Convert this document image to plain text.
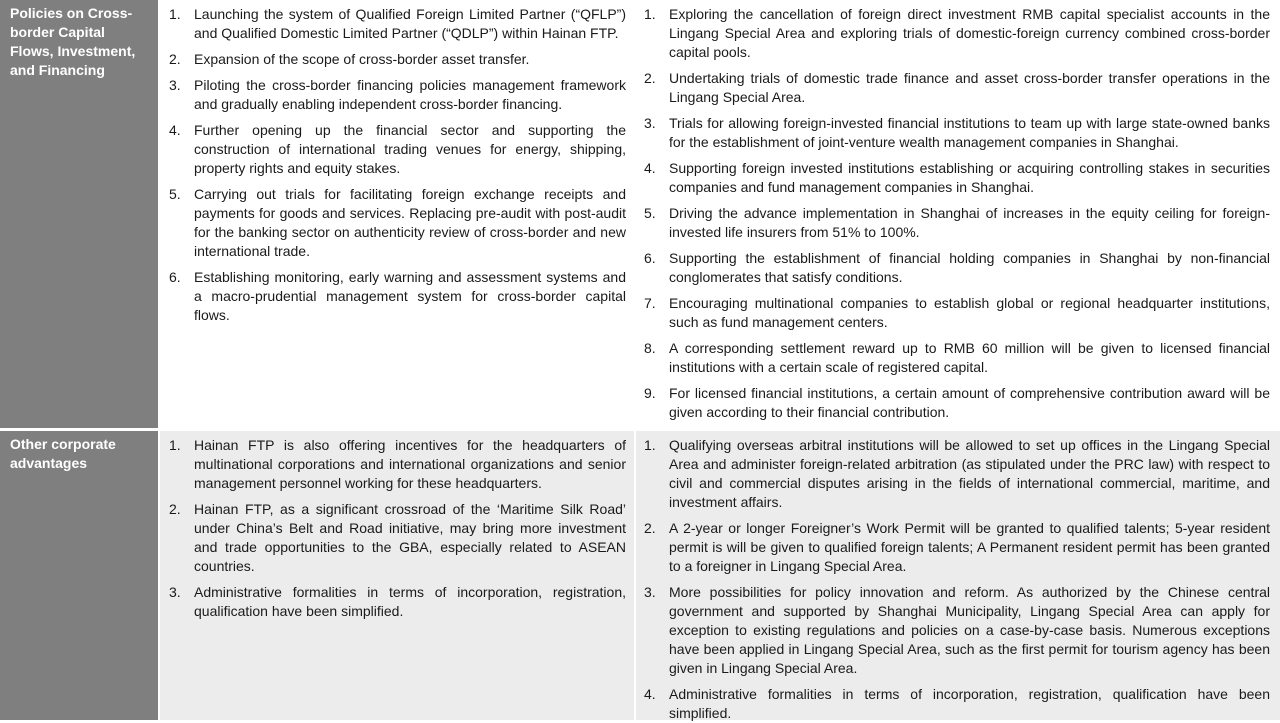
Policies on Cross-border Capital Flows, Investment, and Financing
1. Launching the system of Qualified Foreign Limited Partner (“QFLP”) and Qualified Domestic Limited Partner (“QDLP”) within Hainan FTP.
2. Expansion of the scope of cross-border asset transfer.
3. Piloting the cross-border financing policies management framework and gradually enabling independent cross-border financing.
4. Further opening up the financial sector and supporting the construction of international trading venues for energy, shipping, property rights and equity stakes.
5. Carrying out trials for facilitating foreign exchange receipts and payments for goods and services. Replacing pre-audit with post-audit for the banking sector on authenticity review of cross-border and new international trade.
6. Establishing monitoring, early warning and assessment systems and a macro-prudential management system for cross-border capital flows.
1. Exploring the cancellation of foreign direct investment RMB capital specialist accounts in the Lingang Special Area and exploring trials of domestic-foreign currency combined cross-border capital pools.
2. Undertaking trials of domestic trade finance and asset cross-border transfer operations in the Lingang Special Area.
3. Trials for allowing foreign-invested financial institutions to team up with large state-owned banks for the establishment of joint-venture wealth management companies in Shanghai.
4. Supporting foreign invested institutions establishing or acquiring controlling stakes in securities companies and fund management companies in Shanghai.
5. Driving the advance implementation in Shanghai of increases in the equity ceiling for foreign-invested life insurers from 51% to 100%.
6. Supporting the establishment of financial holding companies in Shanghai by non-financial conglomerates that satisfy conditions.
7. Encouraging multinational companies to establish global or regional headquarter institutions, such as fund management centers.
8. A corresponding settlement reward up to RMB 60 million will be given to licensed financial institutions with a certain scale of registered capital.
9. For licensed financial institutions, a certain amount of comprehensive contribution award will be given according to their financial contribution.
Other corporate advantages
1. Hainan FTP is also offering incentives for the headquarters of multinational corporations and international organizations and senior management personnel working for these headquarters.
2. Hainan FTP, as a significant crossroad of the ‘Maritime Silk Road’ under China’s Belt and Road initiative, may bring more investment and trade opportunities to the GBA, especially related to ASEAN countries.
3. Administrative formalities in terms of incorporation, registration, qualification have been simplified.
1. Qualifying overseas arbitral institutions will be allowed to set up offices in the Lingang Special Area and administer foreign-related arbitration (as stipulated under the PRC law) with respect to civil and commercial disputes arising in the fields of international commercial, maritime, and investment affairs.
2. A 2-year or longer Foreigner’s Work Permit will be granted to qualified talents; 5-year resident permit is will be given to qualified foreign talents; A Permanent resident permit has been granted to a foreigner in Lingang Special Area.
3. More possibilities for policy innovation and reform. As authorized by the Chinese central government and supported by Shanghai Municipality, Lingang Special Area can apply for exception to existing regulations and policies on a case-by-case basis. Numerous exceptions have been applied in Lingang Special Area, such as the first permit for tourism agency has been given in Lingang Special Area.
4. Administrative formalities in terms of incorporation, registration, qualification have been simplified.
